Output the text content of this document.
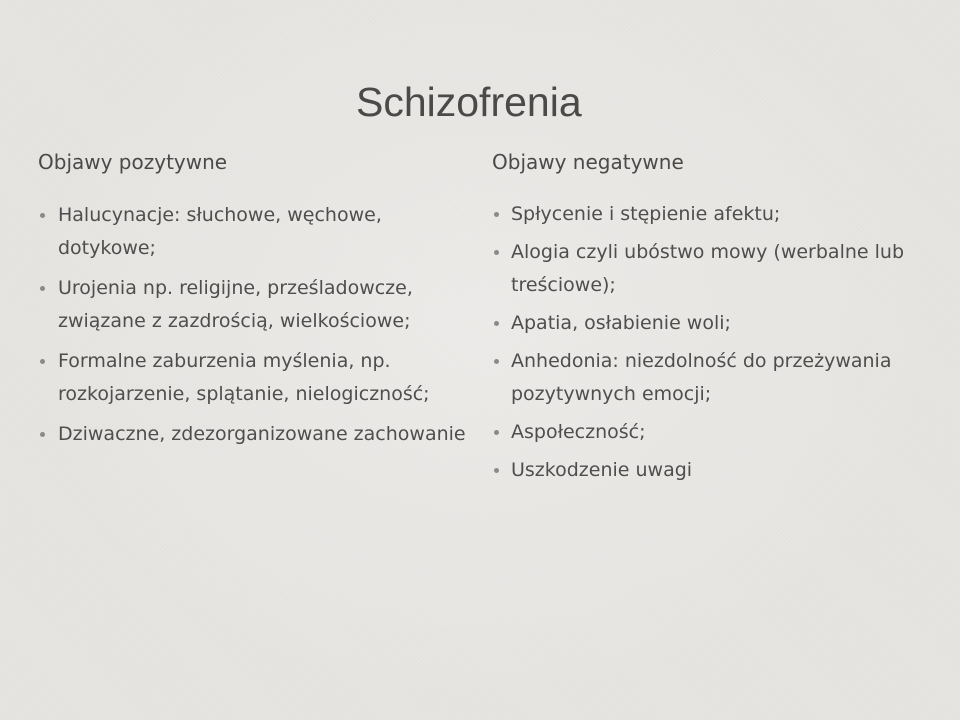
Schizofrenia
Objawy pozytywne
Halucynacje: słuchowe, węchowe, dotykowe;
Urojenia np. religijne, prześladowcze, związane z zazdrością, wielkościowe;
Formalne zaburzenia myślenia, np. rozkojarzenie, splątanie, nielogiczność;
Dziwaczne, zdezorganizowane zachowanie
Objawy negatywne
Spłycenie i stępienie afektu;
Alogia czyli ubóstwo mowy (werbalne lub treściowe);
Apatia, osłabienie woli;
Anhedonia: niezdolność do przeżywania pozytywnych emocji;
Aspołeczność;
Uszkodzenie uwagi
